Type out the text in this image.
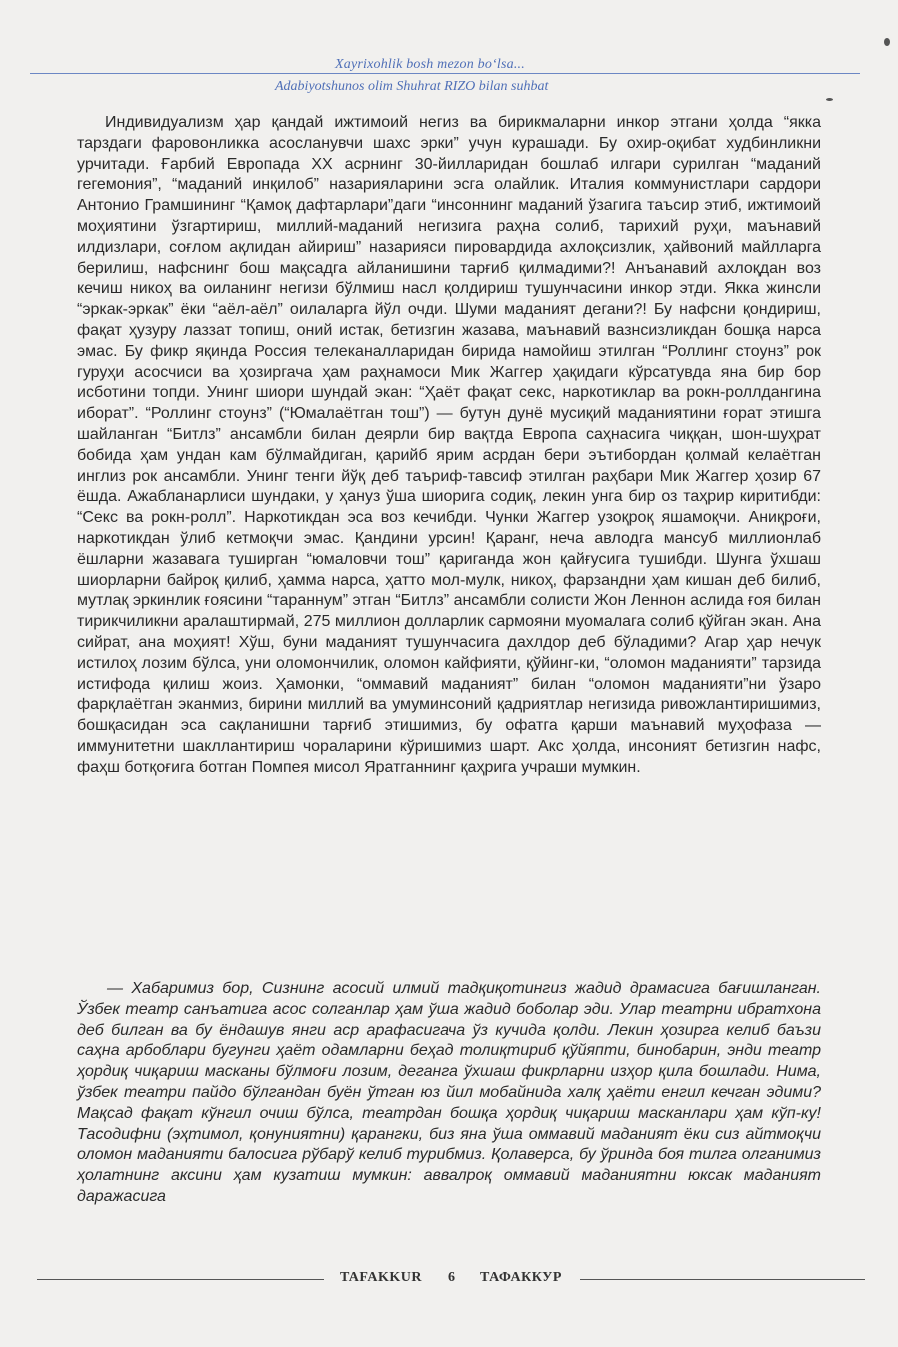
Xayrixohlik bosh mezon bo‘lsa...
Adabiyotshunos olim Shuhrat RIZO bilan suhbat

Индивидуализм ҳар қандай ижтимоий негиз ва бирикмаларни инкор этгани ҳолда “якка тарздаги фаровонликка асосланувчи шахс эрки” учун курашади. Бу охир-оқибат худбинликни урчитади. Ғарбий Европада XX асрнинг 30-йилларидан бошлаб илгари сурилган “маданий гегемония”, “маданий инқилоб” назарияларини эсга олайлик. Италия коммунистлари сардори Антонио Грамшининг “Қамоқ дафтарлари”даги “инсоннинг маданий ўзагига таъсир этиб, ижтимоий моҳиятини ўзгартириш, миллий-маданий негизига раҳна солиб, тарихий руҳи, маънавий илдизлари, соғлом ақлидан айириш” назарияси пировардида ахлоқсизлик, ҳайвоний майлларга берилиш, нафснинг бош мақсадга айланишини тарғиб қилмадими?! Анъанавий ахлоқдан воз кечиш никоҳ ва оиланинг негизи бўлмиш насл қолдириш тушунчасини инкор этди. Якка жинсли “эркак-эркак” ёки “аёл-аёл” оилаларга йўл очди. Шуми маданият дегани?! Бу нафсни қондириш, фақат ҳузуру лаззат топиш, оний истак, бетизгин жазава, маънавий вазнсизликдан бошқа нарса эмас. Бу фикр яқинда Россия телеканалларидан бирида намойиш этилган “Роллинг стоунз” рок гуруҳи асосчиси ва ҳозиргача ҳам раҳнамоси Мик Жаггер ҳақидаги кўрсатувда яна бир бор исботини топди. Унинг шиори шундай экан: “Ҳаёт фақат секс, наркотиклар ва рокн-роллдангина иборат”. “Роллинг стоунз” (“Юмалаётган тош”) — бутун дунё мусиқий маданиятини ғорат этишга шайланган “Битлз” ансамбли билан деярли бир вақтда Европа саҳнасига чиққан, шон-шуҳрат бобида ҳам ундан кам бўлмайдиган, қарийб ярим асрдан бери эътибордан қолмай келаётган инглиз рок ансамбли. Унинг тенги йўқ деб таъриф-тавсиф этилган раҳбари Мик Жаггер ҳозир 67 ёшда. Ажабланарлиси шундаки, у ҳануз ўша шиорига содиқ, лекин унга бир оз таҳрир киритибди: “Секс ва рокн-ролл”. Наркотикдан эса воз кечибди. Чунки Жаггер узоқроқ яшамоқчи. Аниқроғи, наркотикдан ўлиб кетмоқчи эмас. Қандини урсин! Қаранг, неча авлодга мансуб миллионлаб ёшларни жазавага туширган “юмаловчи тош” қариганда жон қайғусига тушибди. Шунга ўхшаш шиорларни байроқ қилиб, ҳамма нарса, ҳатто мол-мулк, никоҳ, фарзандни ҳам кишан деб билиб, мутлақ эркинлик ғоясини “тараннум” этган “Битлз” ансамбли солисти Жон Леннон аслида ғоя билан тирикчиликни аралаштирмай, 275 миллион долларлик сармояни муомалага солиб қўйган экан. Ана сийрат, ана моҳият! Хўш, буни маданият тушунчасига дахлдор деб бўладими? Агар ҳар нечук истилоҳ лозим бўлса, уни оломончилик, оломон кайфияти, қўйинг-ки, “оломон маданияти” тарзида истифода қилиш жоиз. Ҳамонки, “оммавий маданият” билан “оломон маданияти”ни ўзаро фарқлаётган эканмиз, бирини миллий ва умуминсоний қадриятлар негизида ривожлантиришимиз, бошқасидан эса сақланишни тарғиб этишимиз, бу офатга қарши маънавий муҳофаза — иммунитетни шакллантириш чораларини кўришимиз шарт. Акс ҳолда, инсоният бетизгин нафс, фаҳш ботқоғига ботган Помпея мисол Яратганнинг қаҳрига учраши мумкин.

— Хабаримиз бор, Сизнинг асосий илмий тадқиқотингиз жадид драмасига бағишланган. Ўзбек театр санъатига асос солганлар ҳам ўша жадид боболар эди. Улар театрни ибратхона деб билган ва бу ёндашув янги аср арафасигача ўз кучида қолди. Лекин ҳозирга келиб баъзи саҳна арбоблари бугунги ҳаёт одамларни беҳад толиқтириб қўйяпти, бинобарин, энди театр ҳордиқ чиқариш масканы бўлмоғи лозим, деганга ўхшаш фикрларни изҳор қила бошлади. Нима, ўзбек театри пайдо бўлгандан буён ўтган юз йил мобайнида халқ ҳаёти енгил кечган эдими? Мақсад фақат кўнгил очиш бўлса, театрдан бошқа ҳордиқ чиқариш масканлари ҳам кўп-ку! Тасодифни (эҳтимол, қонуниятни) қарангки, биз яна ўша оммавий маданият ёки сиз айтмоқчи оломон маданияти балосига рўбарў келиб турибмиз. Қолаверса, бу ўринда боя тилга олганимиз ҳолатнинг аксини ҳам кузатиш мумкин: аввалроқ оммавий маданиятни юксак маданият даражасига

TAFAKKUR 6 ТАФАККУР
